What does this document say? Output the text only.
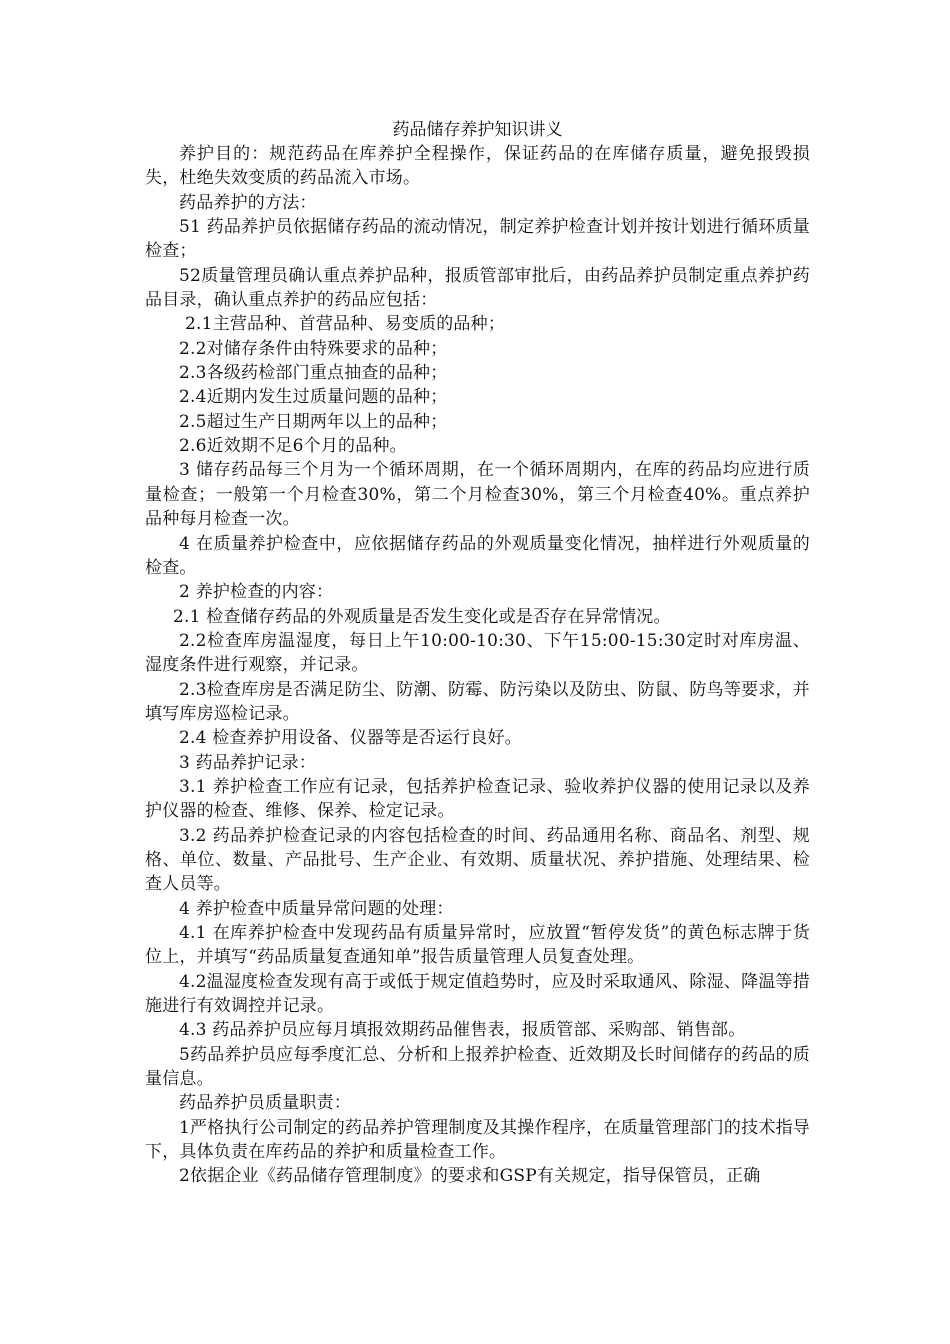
药品储存养护知识讲义

养护目的：规范药品在库养护全程操作，保证药品的在库储存质量，避免报毁损失，杜绝失效变质的药品流入市场。

药品养护的方法：

51 药品养护员依据储存药品的流动情况，制定养护检查计划并按计划进行循环质量检查；

52质量管理员确认重点养护品种，报质管部审批后，由药品养护员制定重点养护药品目录，确认重点养护的药品应包括：

2.1主营品种、首营品种、易变质的品种；

2.2对储存条件由特殊要求的品种；

2.3各级药检部门重点抽查的品种；

2.4近期内发生过质量问题的品种；

2.5超过生产日期两年以上的品种；

2.6近效期不足6个月的品种。

3 储存药品每三个月为一个循环周期，在一个循环周期内，在库的药品均应进行质量检查；一般第一个月检查30%，第二个月检查30%，第三个月检查40%。重点养护品种每月检查一次。

4 在质量养护检查中，应依据储存药品的外观质量变化情况，抽样进行外观质量的检查。

2 养护检查的内容：

2.1 检查储存药品的外观质量是否发生变化或是否存在异常情况。

2.2检查库房温湿度，每日上午10:00-10:30、下午15:00-15:30定时对库房温、湿度条件进行观察，并记录。

2.3检查库房是否满足防尘、防潮、防霉、防污染以及防虫、防鼠、防鸟等要求，并填写库房巡检记录。

2.4 检查养护用设备、仪器等是否运行良好。

3 药品养护记录：

3.1 养护检查工作应有记录，包括养护检查记录、验收养护仪器的使用记录以及养护仪器的检查、维修、保养、检定记录。

3.2 药品养护检查记录的内容包括检查的时间、药品通用名称、商品名、剂型、规格、单位、数量、产品批号、生产企业、有效期、质量状况、养护措施、处理结果、检查人员等。

4 养护检查中质量异常问题的处理：

4.1 在库养护检查中发现药品有质量异常时，应放置“暂停发货”的黄色标志牌于货位上，并填写“药品质量复查通知单”报告质量管理人员复查处理。

4.2温湿度检查发现有高于或低于规定值趋势时，应及时采取通风、除湿、降温等措施进行有效调控并记录。

4.3 药品养护员应每月填报效期药品催售表，报质管部、采购部、销售部。

5药品养护员应每季度汇总、分析和上报养护检查、近效期及长时间储存的药品的质量信息。

药品养护员质量职责：

1严格执行公司制定的药品养护管理制度及其操作程序，在质量管理部门的技术指导下，具体负责在库药品的养护和质量检查工作。

2依据企业《药品储存管理制度》的要求和GSP有关规定，指导保管员，正确
